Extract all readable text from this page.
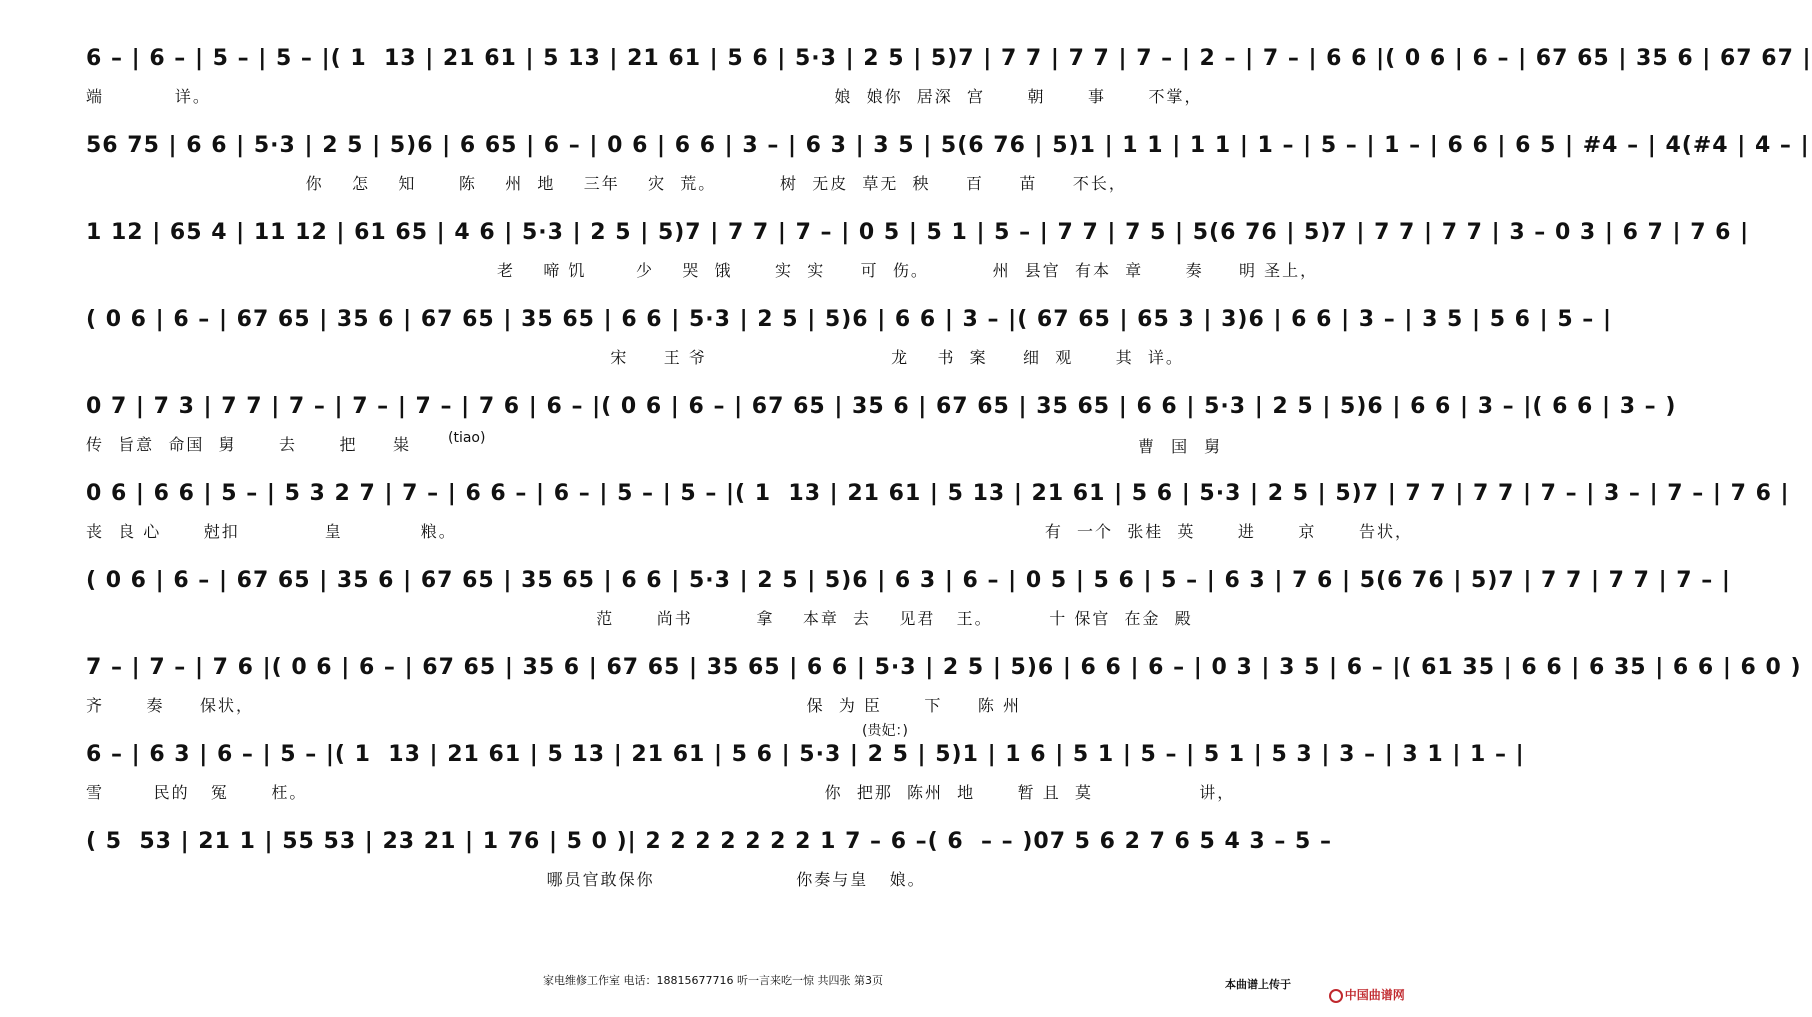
6 – | 6 – | 5 – | 5 – |( 1  13 | 21 61 | 5 13 | 21 61 | 5 6 | 5·3 | 2 5 | 5)7 | 7 7 | 7 7 | 7 – | 2 – | 7 – | 6 6 |( 0 6 | 6 – | 67 65 | 35 6 | 67 67 |
端          详。                                                                                        娘  娘你  居深  宫      朝      事      不掌，
56 75 | 6 6 | 5·3 | 2 5 | 5)6 | 6 65 | 6 – | 0 6 | 6 6 | 3 – | 6 3 | 3 5 | 5(6 76 | 5)1 | 1 1 | 1 1 | 1 – | 5 – | 1 – | 6 6 | 6 5 | #4 – | 4(#4 | 4 – |
你    怎    知      陈    州  地    三年    灾  荒。         树  无皮  草无  秧     百     苗     不长，
1 12 | 65 4 | 11 12 | 61 65 | 4 6 | 5·3 | 2 5 | 5)7 | 7 7 | 7 – | 0 5 | 5 1 | 5 – | 7 7 | 7 5 | 5(6 76 | 5)7 | 7 7 | 7 7 | 3 – 0 3 | 6 7 | 7 6 |
老    啼 饥       少    哭  饿      实  实     可  伤。         州  县官  有本  章      奏     明 圣上，
( 0 6 | 6 – | 67 65 | 35 6 | 67 65 | 35 65 | 6 6 | 5·3 | 2 5 | 5)6 | 6 6 | 3 – |( 67 65 | 65 3 | 3)6 | 6 6 | 3 – | 3 5 | 5 6 | 5 – |
宋     王 爷                          龙    书  案     细  观      其  详。
0 7 | 7 3 | 7 7 | 7 – | 7 – | 7 – | 7 6 | 6 – |( 0 6 | 6 – | 67 65 | 35 6 | 67 65 | 35 65 | 6 6 | 5·3 | 2 5 | 5)6 | 6 6 | 3 – |( 6 6 | 3 – )
传  旨意  命国  舅      去      把     粜	(tiao)	曹 国 舅
0 6 | 6 6 | 5 – | 5 3 2 7 | 7 – | 6 6 – | 6 – | 5 – | 5 – |( 1  13 | 21 61 | 5 13 | 21 61 | 5 6 | 5·3 | 2 5 | 5)7 | 7 7 | 7 7 | 7 – | 3 – | 7 – | 7 6 |
丧  良 心      尅扣            皇           粮。                                                                                   有  一个  张桂  英      进      京      告状，
( 0 6 | 6 – | 67 65 | 35 6 | 67 65 | 35 65 | 6 6 | 5·3 | 2 5 | 5)6 | 6 3 | 6 – | 0 5 | 5 6 | 5 – | 6 3 | 7 6 | 5(6 76 | 5)7 | 7 7 | 7 7 | 7 – |
范      尚书         拿    本章  去    见君   王。        十 保官  在金  殿
7 – | 7 – | 7 6 |( 0 6 | 6 – | 67 65 | 35 6 | 67 65 | 35 65 | 6 6 | 5·3 | 2 5 | 5)6 | 6 6 | 6 – | 0 3 | 3 5 | 6 – |( 61 35 | 6 6 | 6 35 | 6 6 | 6 0 )
齐      奏     保状，                                                                              保  为 臣      下     陈 州
(贵妃：)
6 – | 6 3 | 6 – | 5 – |( 1  13 | 21 61 | 5 13 | 21 61 | 5 6 | 5·3 | 2 5 | 5)1 | 1 6 | 5 1 | 5 – | 5 1 | 5 3 | 3 – | 3 1 | 1 – |
雪       民的   冤      枉。                                                                         你  把那  陈州  地      暂 且  莫               讲，
( 5  53 | 21 1 | 55 53 | 23 21 | 1 76 | 5 0 )| 2 2 2 2 2 2 2 1 7 – 6 –( 6  – – )07 5 6 2 7 6 5 4 3 – 5 –
哪员官敢保你                    你奏与皇   娘。
家电维修工作室 电话：18815677716 听一言来吃一惊 共四张 第3页	本曲谱上传于

中国曲谱网
